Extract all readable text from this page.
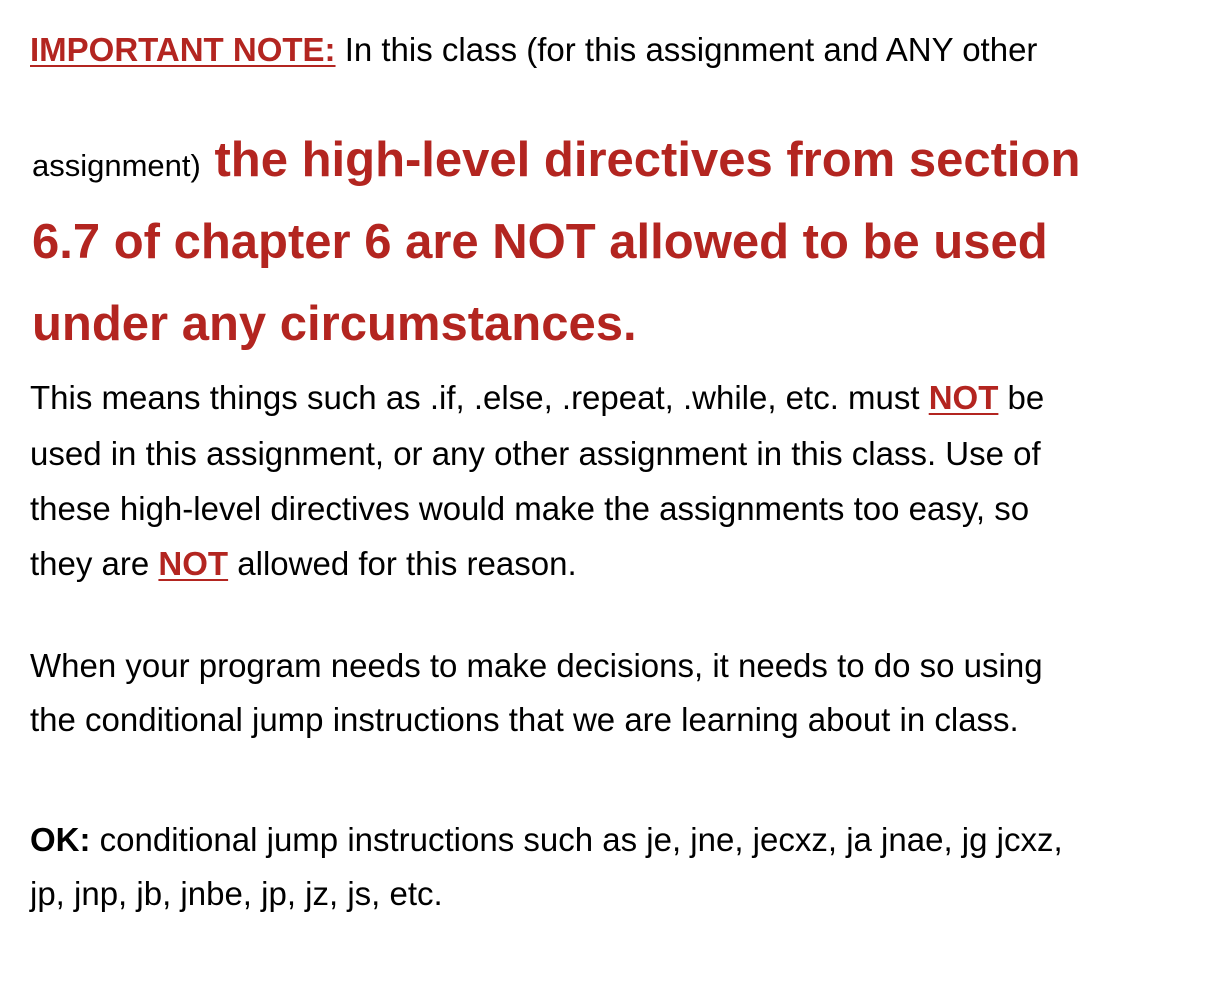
IMPORTANT NOTE: In this class (for this assignment and ANY other
assignment) the high-level directives from section
6.7 of chapter 6 are NOT allowed to be used
under any circumstances.
This means things such as .if, .else, .repeat, .while, etc. must NOT be
used in this assignment, or any other assignment in this class. Use of
these high-level directives would make the assignments too easy, so
they are NOT allowed for this reason.
When your program needs to make decisions, it needs to do so using
the conditional jump instructions that we are learning about in class.
OK: conditional jump instructions such as je, jne, jecxz, ja jnae, jg jcxz,
jp, jnp, jb, jnbe, jp, jz, js, etc.
